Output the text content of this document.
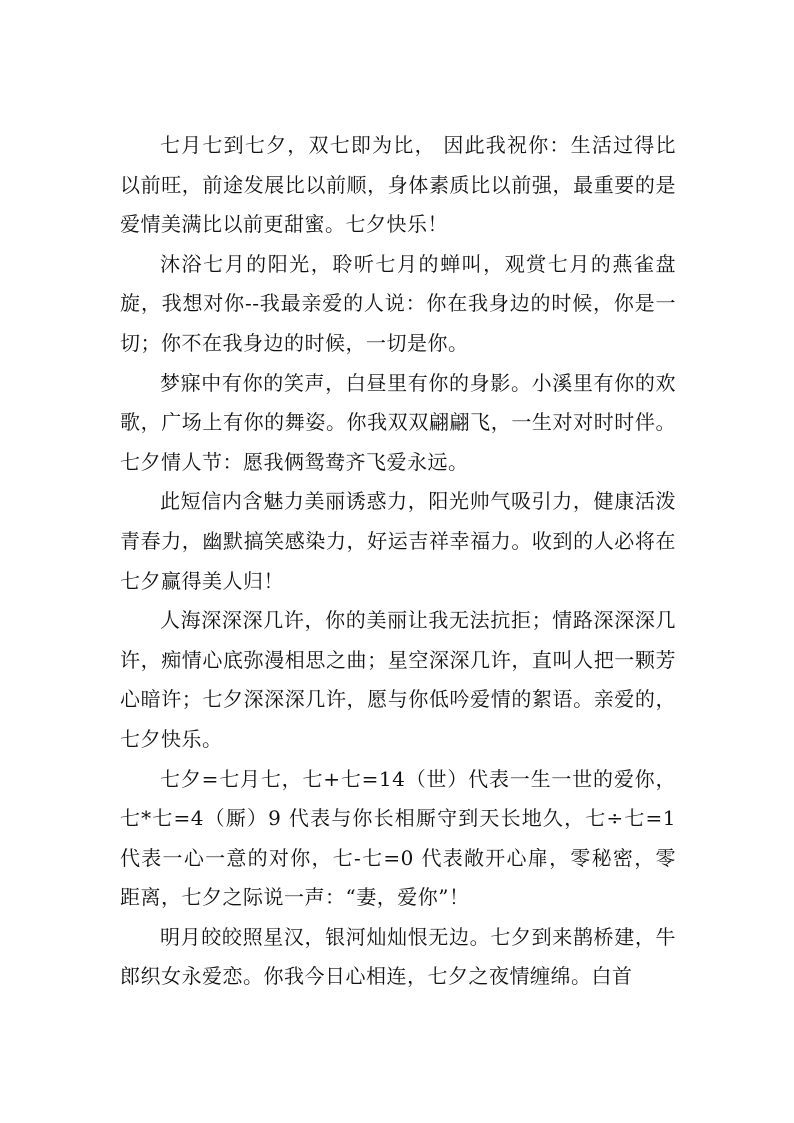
七月七到七夕，双七即为比， 因此我祝你：生活过得比以前旺，前途发展比以前顺，身体素质比以前强，最重要的是爱情美满比以前更甜蜜。七夕快乐！

沐浴七月的阳光，聆听七月的蝉叫，观赏七月的燕雀盘旋，我想对你--我最亲爱的人说：你在我身边的时候，你是一切；你不在我身边的时候，一切是你。

梦寐中有你的笑声，白昼里有你的身影。小溪里有你的欢歌，广场上有你的舞姿。你我双双翩翩飞，一生对对时时伴。七夕情人节：愿我俩鸳鸯齐飞爱永远。

此短信内含魅力美丽诱惑力，阳光帅气吸引力，健康活泼青春力，幽默搞笑感染力，好运吉祥幸福力。收到的人必将在七夕赢得美人归！

人海深深深几许，你的美丽让我无法抗拒；情路深深深几许，痴情心底弥漫相思之曲；星空深深几许，直叫人把一颗芳心暗许；七夕深深深几许，愿与你低吟爱情的絮语。亲爱的，七夕快乐。

七夕=七月七，七+七=14（世）代表一生一世的爱你，七*七=4（厮）9 代表与你长相厮守到天长地久，七÷七=1 代表一心一意的对你，七-七=0 代表敞开心扉，零秘密，零距离，七夕之际说一声：“妻，爱你”！

明月皎皎照星汉，银河灿灿恨无边。七夕到来鹊桥建，牛郎织女永爱恋。你我今日心相连，七夕之夜情缠绵。白首
